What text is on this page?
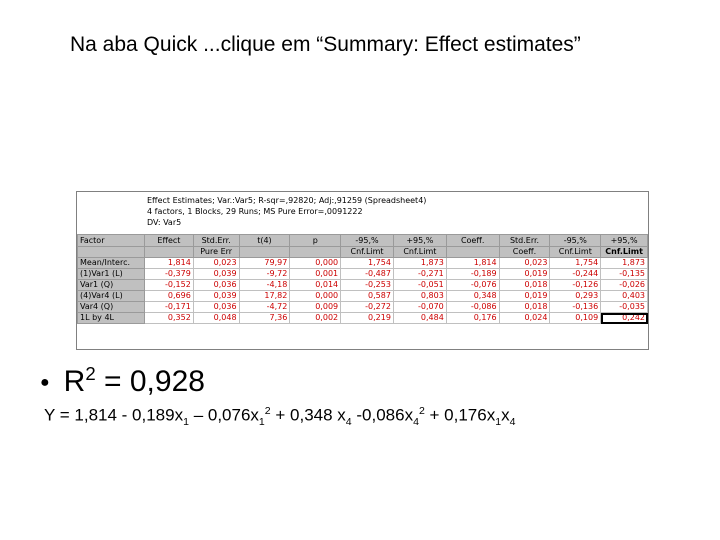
Na aba Quick ...clique em “Summary: Effect estimates”
Effect Estimates; Var.:Var5; R-sqr=,92820; Adj:,91259 (Spreadsheet4)
4 factors, 1 Blocks, 29 Runs; MS Pure Error=,0091222
DV: Var5
Factor	Effect	Std.Err.	t(4)	p	-95,%	+95,%	Coeff.	Std.Err.	-95,%	+95,%
		Pure Err			Cnf.Limt	Cnf.Limt		Coeff.	Cnf.Limt	Cnf.Limt
Mean/Interc.	1,814	0,023	79,97	0,000	1,754	1,873	1,814	0,023	1,754	1,873
(1)Var1 (L)	-0,379	0,039	-9,72	0,001	-0,487	-0,271	-0,189	0,019	-0,244	-0,135
Var1 (Q)	-0,152	0,036	-4,18	0,014	-0,253	-0,051	-0,076	0,018	-0,126	-0,026
(4)Var4 (L)	0,696	0,039	17,82	0,000	0,587	0,803	0,348	0,019	0,293	0,403
Var4 (Q)	-0,171	0,036	-4,72	0,009	-0,272	-0,070	-0,086	0,018	-0,136	-0,035
1L by 4L	0,352	0,048	7,36	0,002	0,219	0,484	0,176	0,024	0,109	0,242
● $R^2 = 0,928$
$Y = 1,814 - 0,189x_1 - 0,076x_1^2 + 0,348$ $x_4$ $-0,086x_4^2 + 0,176x_1x_4$
